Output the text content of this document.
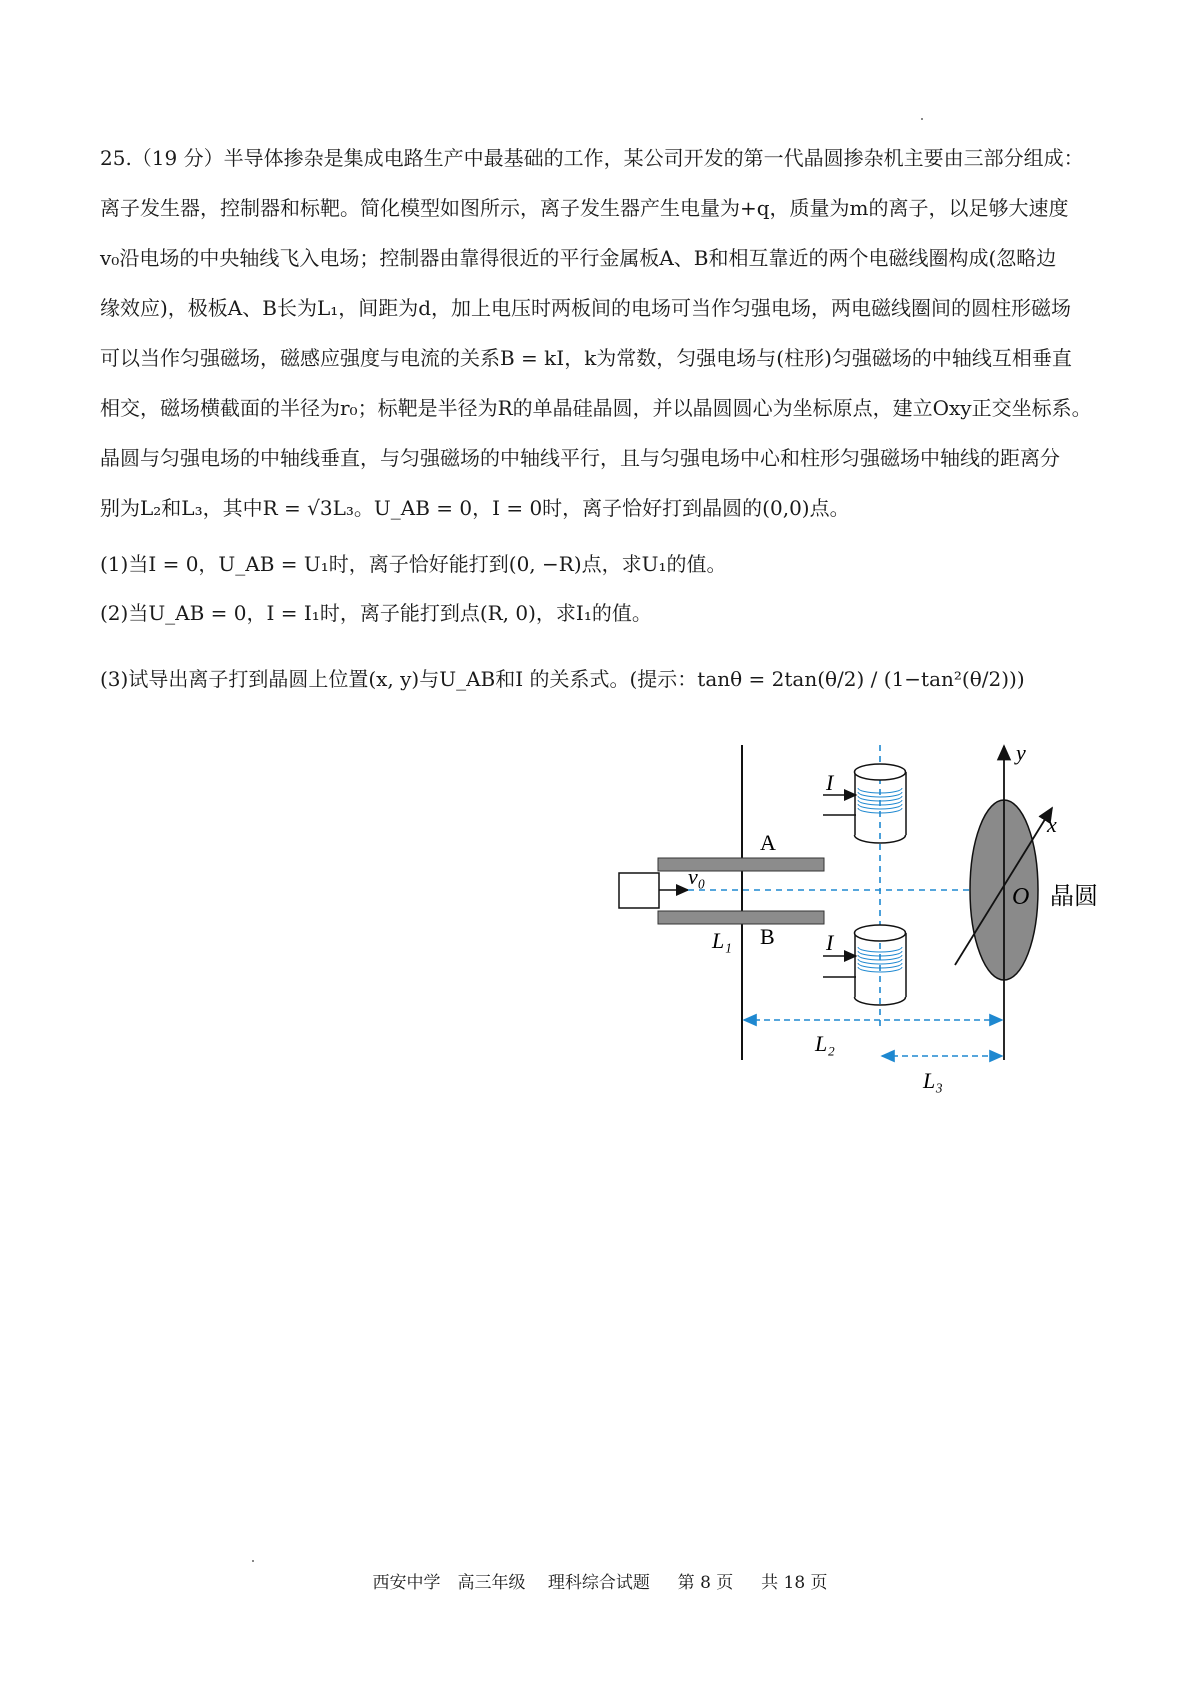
25.（19 分）半导体掺杂是集成电路生产中最基础的工作，某公司开发的第一代晶圆掺杂机主要由三部分组成：
离子发生器，控制器和标靶。简化模型如图所示，离子发生器产生电量为+q，质量为m的离子，以足够大速度
v₀沿电场的中央轴线飞入电场；控制器由靠得很近的平行金属板A、B和相互靠近的两个电磁线圈构成(忽略边
缘效应)，极板A、B长为L₁，间距为d，加上电压时两板间的电场可当作匀强电场，两电磁线圈间的圆柱形磁场
可以当作匀强磁场，磁感应强度与电流的关系B = kI，k为常数，匀强电场与(柱形)匀强磁场的中轴线互相垂直
相交，磁场横截面的半径为r₀；标靶是半径为R的单晶硅晶圆，并以晶圆圆心为坐标原点，建立Oxy正交坐标系。
晶圆与匀强电场的中轴线垂直，与匀强磁场的中轴线平行，且与匀强电场中心和柱形匀强磁场中轴线的距离分
别为L₂和L₃，其中R = √3L₃。U_AB = 0，I = 0时，离子恰好打到晶圆的(0,0)点。
(1)当I = 0，U_AB = U₁时，离子恰好能打到(0, −R)点，求U₁的值。
(2)当U_AB = 0，I = I₁时，离子能打到点(R, 0)，求I₁的值。
(3)试导出离子打到晶圆上位置(x, y)与U_AB和I 的关系式。(提示：tanθ = 2tan(θ/2) / (1−tan²(θ/2)))
A
B
v₀
L₁
L₂
L₃
I
I
y
x
O 晶圆
西安中学　高三年级　 理科综合试题　  第 8 页　  共 18 页
